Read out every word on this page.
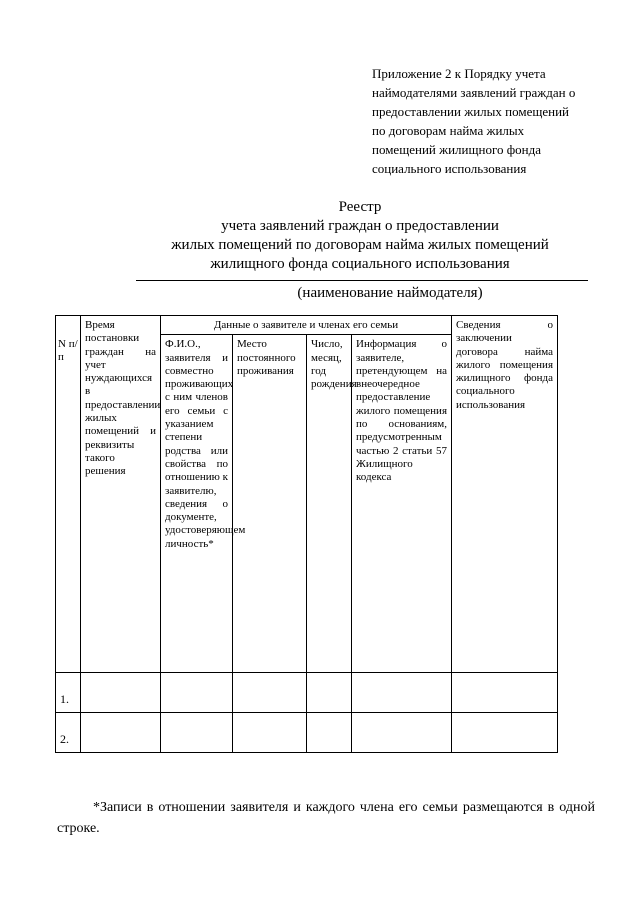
Приложение 2 к Порядку учета
наймодателями заявлений граждан о
предоставлении жилых помещений
по договорам найма жилых
помещений жилищного фонда
социального использования
Реестр
учета заявлений граждан о предоставлении
жилых помещений по договорам найма жилых помещений
жилищного фонда социального использования
(наименование наймодателя)
N п/п	Время постановки граждан на учет нуждающихся в предоставлении жилых помещений и реквизиты такого решения	Данные о заявителе и членах его семьи				Сведения о заключении договора найма жилого помещения жилищного фонда социального использования
		Ф.И.О., заявителя и совместно проживающих с ним членов его семьи с указанием степени родства или свойства по отношению к заявителю, сведения о документе, удостоверяющем личность*	Место постоянного проживания	Число, месяц, год рождения	Информация о заявителе, претендующем на внеочередное предоставление жилого помещения по основаниям, предусмотренным частью 2 статьи 57 Жилищного кодекса	
1.						
2.						
*Записи в отношении заявителя и каждого члена его семьи размещаются в одной строке.
